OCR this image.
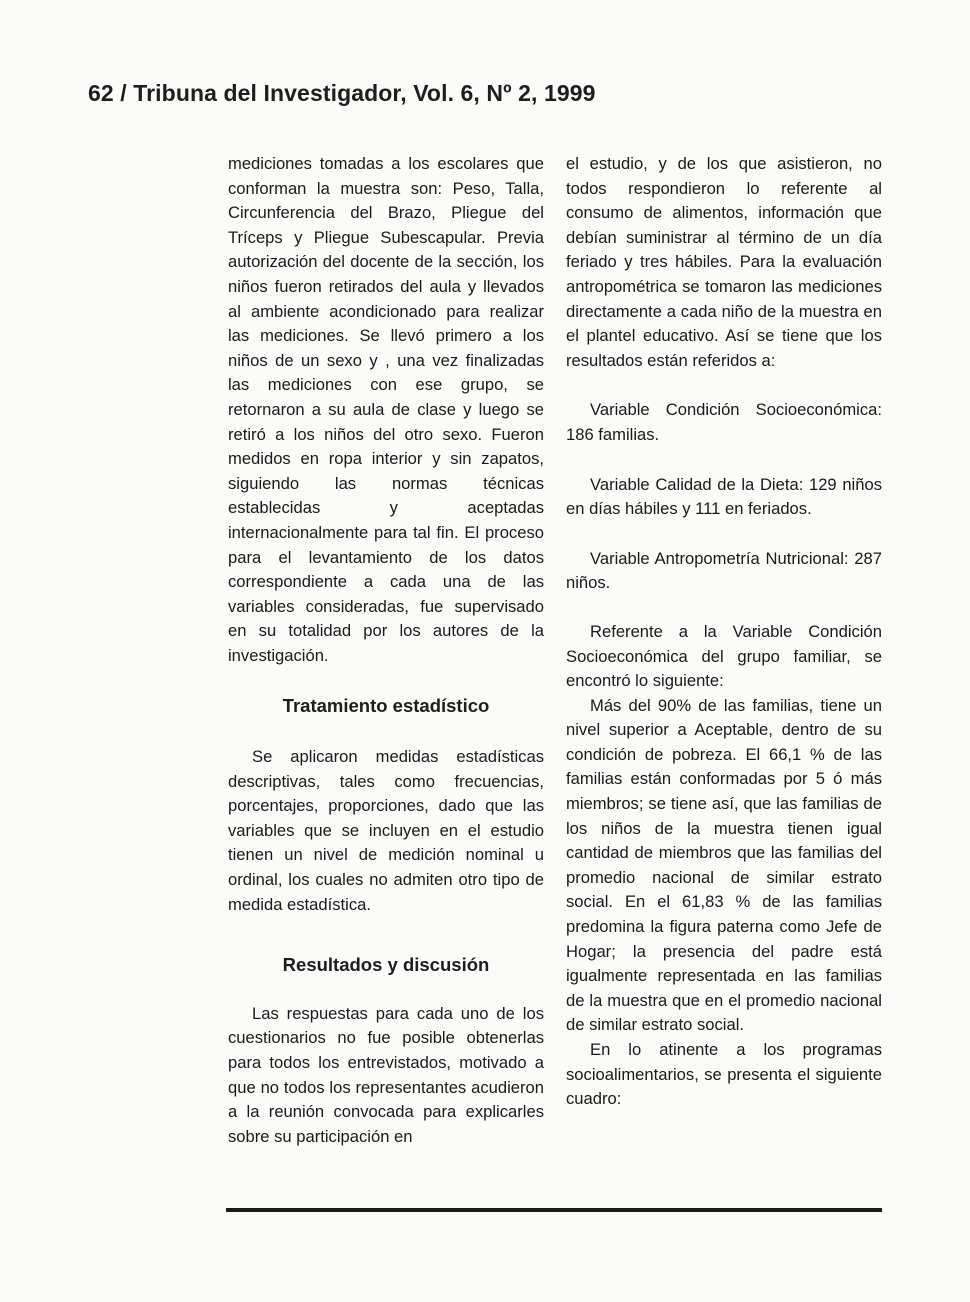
62 / Tribuna del Investigador, Vol. 6, Nº 2, 1999

mediciones tomadas a los escolares que conforman la muestra son: Peso, Talla, Circunferencia del Brazo, Pliegue del Tríceps y Pliegue Subescapular. Previa autorización del docente de la sección, los niños fueron retirados del aula y llevados al ambiente acondicionado para realizar las mediciones. Se llevó primero a los niños de un sexo y , una vez finalizadas las mediciones con ese grupo, se retornaron a su aula de clase y luego se retiró a los niños del otro sexo. Fueron medidos en ropa interior y sin zapatos, siguiendo las normas técnicas establecidas y aceptadas internacionalmente para tal fin. El proceso para el levantamiento de los datos correspondiente a cada una de las variables consideradas, fue supervisado en su totalidad por los autores de la investigación.

Tratamiento estadístico

Se aplicaron medidas estadísticas descriptivas, tales como frecuencias, porcentajes, proporciones, dado que las variables que se incluyen en el estudio tienen un nivel de medición nominal u ordinal, los cuales no admiten otro tipo de medida estadística.

Resultados y discusión

Las respuestas para cada uno de los cuestionarios no fue posible obtenerlas para todos los entrevistados, motivado a que no todos los representantes acudieron a la reunión convocada para explicarles sobre su participación en

el estudio, y de los que asistieron, no todos respondieron lo referente al consumo de alimentos, información que debían suministrar al término de un día feriado y tres hábiles. Para la evaluación antropométrica se tomaron las mediciones directamente a cada niño de la muestra en el plantel educativo. Así se tiene que los resultados están referidos a:

Variable Condición Socioeconómica: 186 familias.

Variable Calidad de la Dieta: 129 niños en días hábiles y 111 en feriados.

Variable Antropometría Nutricional: 287 niños.

Referente a la Variable Condición Socioeconómica del grupo familiar, se encontró lo siguiente:

Más del 90% de las familias, tiene un nivel superior a Aceptable, dentro de su condición de pobreza. El 66,1 % de las familias están conformadas por 5 ó más miembros; se tiene así, que las familias de los niños de la muestra tienen igual cantidad de miembros que las familias del promedio nacional de similar estrato social. En el 61,83 % de las familias predomina la figura paterna como Jefe de Hogar; la presencia del padre está igualmente representada en las familias de la muestra que en el promedio nacional de similar estrato social.

En lo atinente a los programas socioalimentarios, se presenta el siguiente cuadro:
